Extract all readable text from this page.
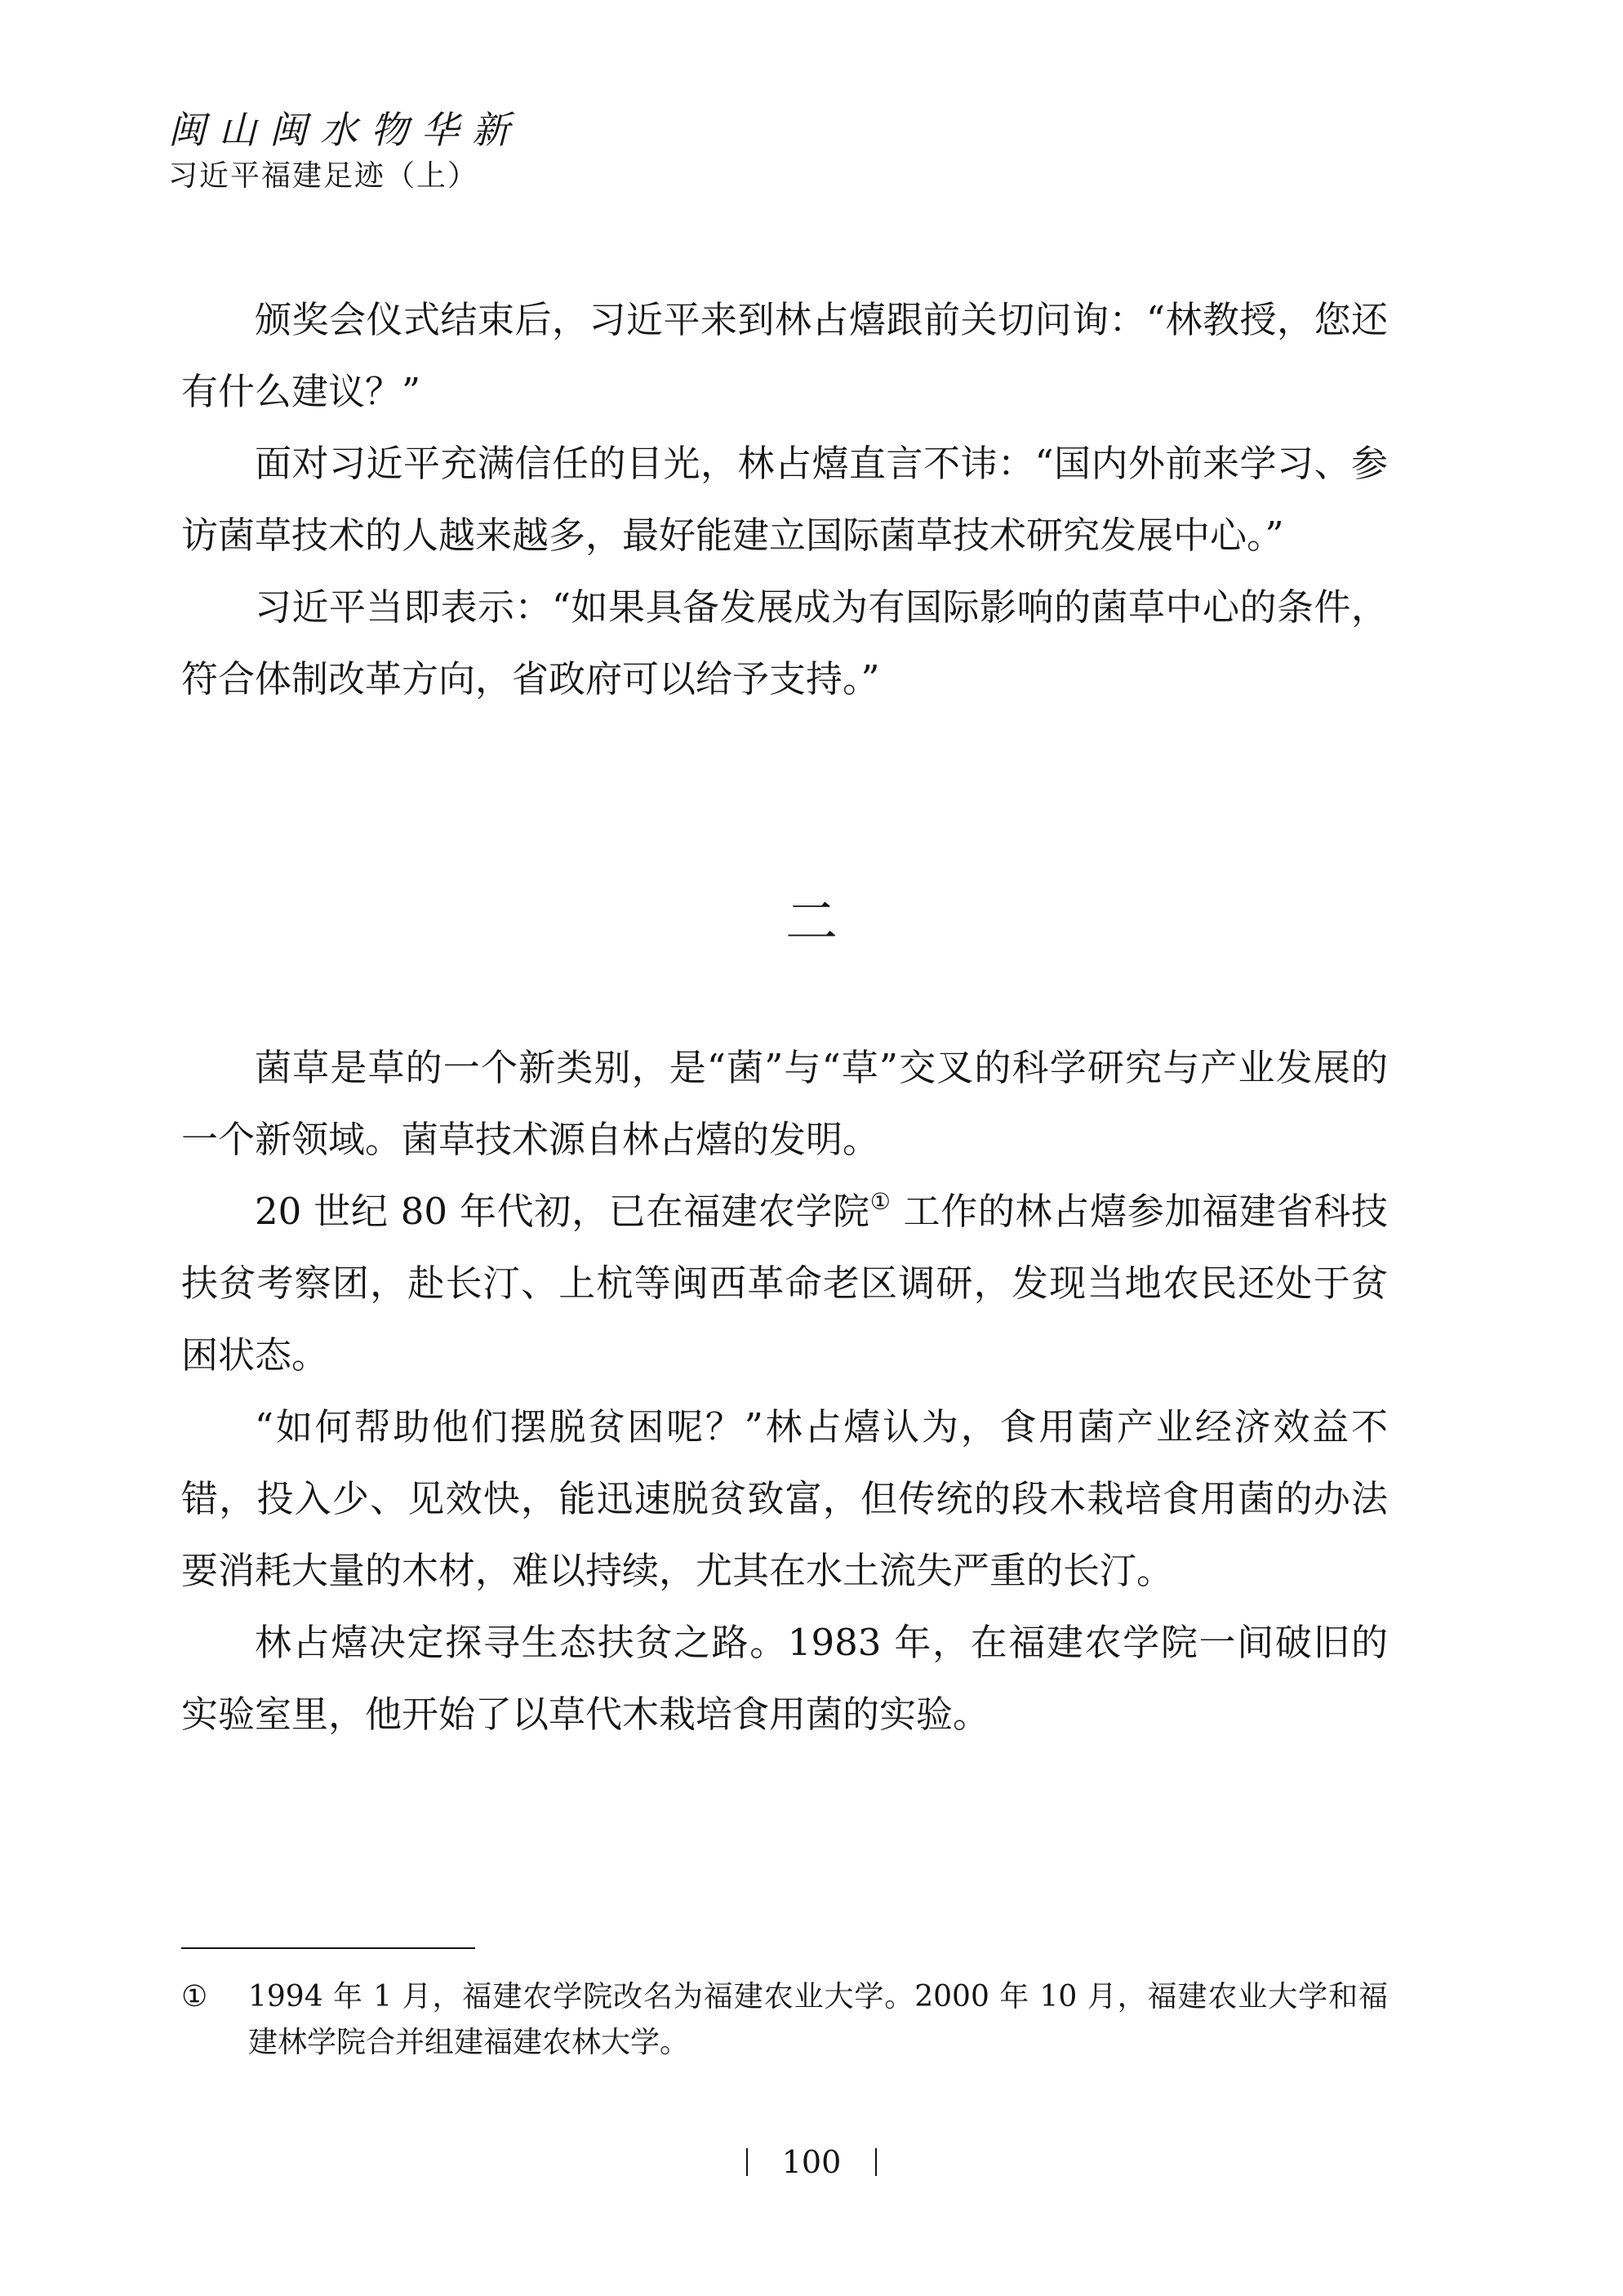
闽山闽水物华新
习近平福建足迹（上）

颁奖会仪式结束后，习近平来到林占熺跟前关切问询：“林教授，您还有什么建议？”

面对习近平充满信任的目光，林占熺直言不讳：“国内外前来学习、参访菌草技术的人越来越多，最好能建立国际菌草技术研究发展中心。”

习近平当即表示：“如果具备发展成为有国际影响的菌草中心的条件，符合体制改革方向，省政府可以给予支持。”

二

菌草是草的一个新类别，是“菌”与“草”交叉的科学研究与产业发展的一个新领域。菌草技术源自林占熺的发明。

20 世纪 80 年代初，已在福建农学院① 工作的林占熺参加福建省科技扶贫考察团，赴长汀、上杭等闽西革命老区调研，发现当地农民还处于贫困状态。

“如何帮助他们摆脱贫困呢？”林占熺认为，食用菌产业经济效益不错，投入少、见效快，能迅速脱贫致富，但传统的段木栽培食用菌的办法要消耗大量的木材，难以持续，尤其在水土流失严重的长汀。

林占熺决定探寻生态扶贫之路。1983 年，在福建农学院一间破旧的实验室里，他开始了以草代木栽培食用菌的实验。

① 1994 年 1 月，福建农学院改名为福建农业大学。2000 年 10 月，福建农业大学和福建林学院合并组建福建农林大学。
100
